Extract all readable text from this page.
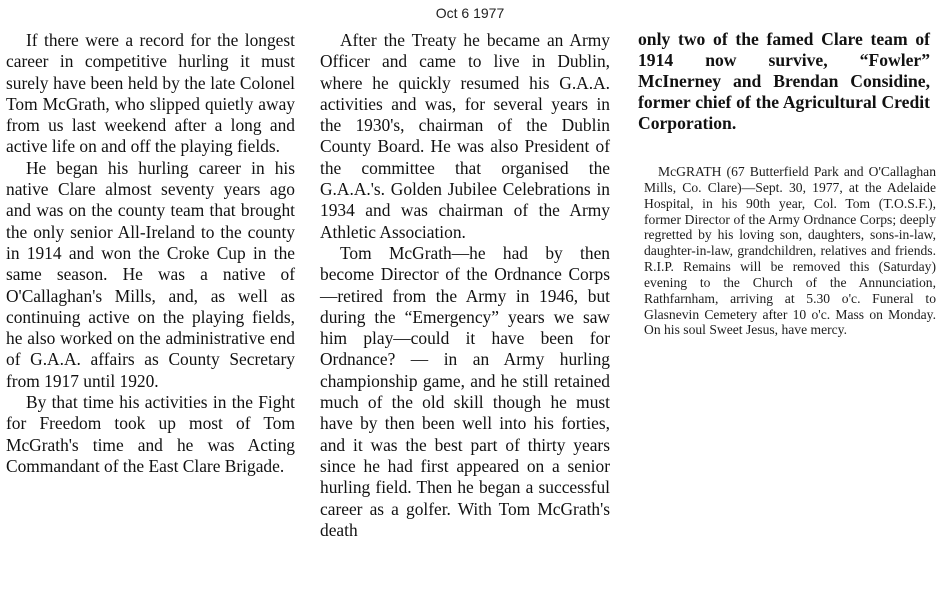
Oct 6 1977

If there were a record for the longest career in competitive hurling it must surely have been held by the late Colonel Tom McGrath, who slipped quietly away from us last weekend after a long and active life on and off the playing fields.

He began his hurling career in his native Clare almost seventy years ago and was on the county team that brought the only senior All-Ireland to the county in 1914 and won the Croke Cup in the same season. He was a native of O'Callaghan's Mills, and, as well as continuing active on the playing fields, he also worked on the administrative end of G.A.A. affairs as County Secretary from 1917 until 1920.

By that time his activities in the Fight for Freedom took up most of Tom McGrath's time and he was Acting Commandant of the East Clare Brigade.

After the Treaty he became an Army Officer and came to live in Dublin, where he quickly resumed his G.A.A. activities and was, for several years in the 1930's, chairman of the Dublin County Board. He was also President of the committee that organised the G.A.A.'s. Golden Jubilee Celebrations in 1934 and was chairman of the Army Athletic Association.

Tom McGrath—he had by then become Director of the Ordnance Corps—retired from the Army in 1946, but during the “Emergency” years we saw him play—could it have been for Ordnance? — in an Army hurling championship game, and he still retained much of the old skill though he must have by then been well into his forties, and it was the best part of thirty years since he had first appeared on a senior hurling field. Then he began a successful career as a golfer. With Tom McGrath's death

only two of the famed Clare team of 1914 now survive, “Fowler” McInerney and Brendan Considine, former chief of the Agricultural Credit Corporation.

McGRATH (67 Butterfield Park and O'Callaghan Mills, Co. Clare)—Sept. 30, 1977, at the Adelaide Hospital, in his 90th year, Col. Tom (T.O.S.F.), former Director of the Army Ordnance Corps; deeply regretted by his loving son, daughters, sons-in-law, daughter-in-law, grandchildren, relatives and friends. R.I.P. Remains will be removed this (Saturday) evening to the Church of the Annunciation, Rathfarnham, arriving at 5.30 o'c. Funeral to Glasnevin Cemetery after 10 o'c. Mass on Monday. On his soul Sweet Jesus, have mercy.
